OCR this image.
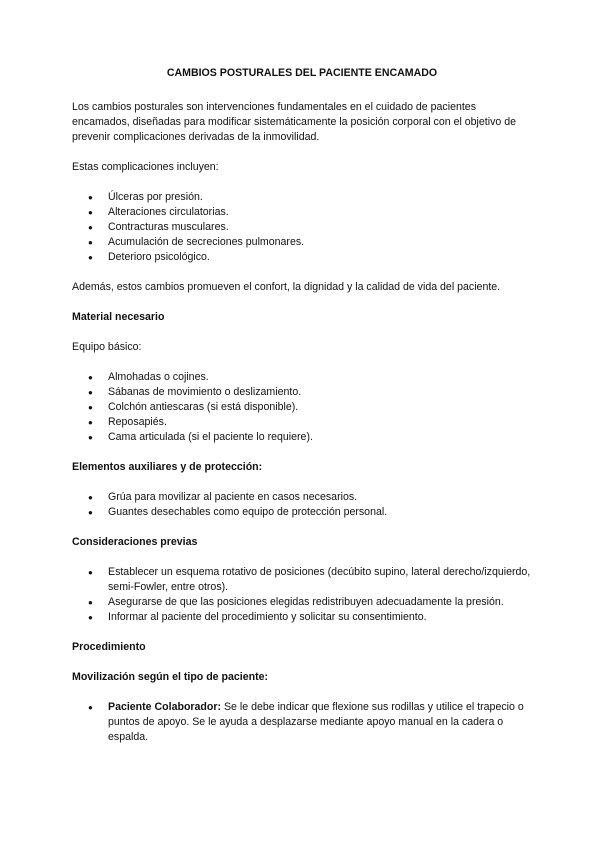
CAMBIOS POSTURALES DEL PACIENTE ENCAMADO

Los cambios posturales son intervenciones fundamentales en el cuidado de pacientes encamados, diseñadas para modificar sistemáticamente la posición corporal con el objetivo de prevenir complicaciones derivadas de la inmovilidad.

Estas complicaciones incluyen:

● Úlceras por presión.
● Alteraciones circulatorias.
● Contracturas musculares.
● Acumulación de secreciones pulmonares.
● Deterioro psicológico.

Además, estos cambios promueven el confort, la dignidad y la calidad de vida del paciente.

Material necesario

Equipo básico:

● Almohadas o cojines.
● Sábanas de movimiento o deslizamiento.
● Colchón antiescaras (si está disponible).
● Reposapiés.
● Cama articulada (si el paciente lo requiere).
Elementos auxiliares y de protección:
● Grúa para movilizar al paciente en casos necesarios.
● Guantes desechables como equipo de protección personal.
Consideraciones previas
● Establecer un esquema rotativo de posiciones (decúbito supino, lateral derecho/izquierdo, semi-Fowler, entre otros).
● Asegurarse de que las posiciones elegidas redistribuyen adecuadamente la presión.
● Informar al paciente del procedimiento y solicitar su consentimiento.
Procedimiento
Movilización según el tipo de paciente:
● Paciente Colaborador: Se le debe indicar que flexione sus rodillas y utilice el trapecio o puntos de apoyo. Se le ayuda a desplazarse mediante apoyo manual en la cadera o espalda.
